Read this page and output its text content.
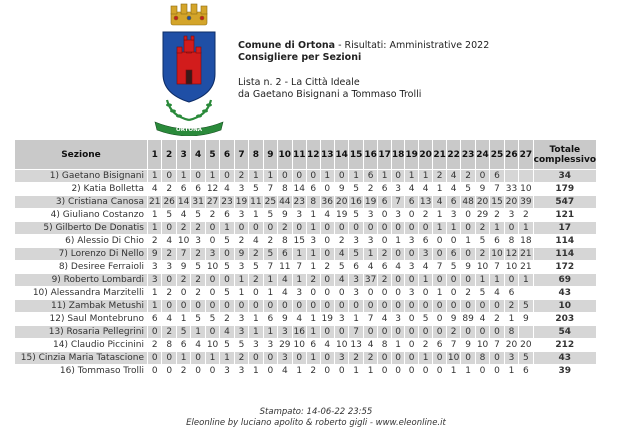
ORTONA
Comune di Ortona - Risultati: Amministrative 2022
Consigliere per Sezioni
Lista n. 2 - La Città Ideale
da Gaetano Bisignani a Tommaso Trolli
Sezione	1	2	3	4	5	6	7	8	9	10	11	12	13	14	15	16	17	18	19	20	21	22	23	24	25	26	27	Totale complessivo
1) Gaetano Bisignani	1	0	1	0	1	0	2	1	1	0	0	0	1	0	1	6	1	0	1	1	2	4	2	0	6			34
2) Katia Bolletta	4	2	6	6	12	4	3	5	7	8	14	6	0	9	5	2	6	3	4	4	1	4	5	9	7	33	10	179
3) Cristiana Canosa	21	26	14	31	27	23	19	11	25	44	23	8	36	20	16	19	6	7	6	13	4	6	48	20	15	20	39	547
4) Giuliano Costanzo	1	5	4	5	2	6	3	1	5	9	3	1	4	19	5	3	0	3	0	2	1	3	0	29	2	3	2	121
5) Gilberto De Donatis	1	0	2	2	0	1	0	0	0	2	0	1	0	0	0	0	0	0	0	0	1	1	0	2	1	0	1	17
6) Alessio Di Chio	2	4	10	3	0	5	2	4	2	8	15	3	0	2	3	3	0	1	3	6	0	0	1	5	6	8	18	114
7) Lorenzo Di Nello	9	2	7	2	3	0	9	2	5	6	1	1	0	4	5	1	2	0	0	3	0	6	0	2	10	12	21	114
8) Desiree Ferraioli	3	3	9	5	10	5	3	5	7	11	7	1	2	5	6	4	6	4	3	4	7	5	9	10	7	10	21	172
9) Roberto Lombardi	3	0	2	2	0	0	1	2	1	4	1	2	0	4	3	37	2	0	0	1	0	0	0	1	1	0	1	69
10) Alessandra Marzitelli	1	2	0	2	0	5	1	0	1	4	3	0	0	0	3	0	0	0	3	0	1	0	2	5	4	6		43
11) Zambak Metushi	1	0	0	0	0	0	0	0	0	0	0	0	0	0	0	0	0	0	0	0	0	0	0	0	0	2	5	10
12) Saul Montebruno	6	4	1	5	5	2	3	1	6	9	4	1	19	3	1	7	4	3	0	5	0	9	89	4	2	1	9	203
13) Rosaria Pellegrini	0	2	5	1	0	4	3	1	1	3	16	1	0	0	7	0	0	0	0	0	0	2	0	0	0	8		54
14) Claudio Piccinini	2	8	6	4	10	5	5	3	3	29	10	6	4	10	13	4	8	1	0	2	6	7	9	10	7	20	20	212
15) Cinzia Maria Tatascione	0	0	1	0	1	1	2	0	0	3	0	1	0	3	2	2	0	0	0	1	0	10	0	8	0	3	5	43
16) Tommaso Trolli	0	0	2	0	0	3	3	1	0	4	1	2	0	0	1	1	0	0	0	0	0	1	1	0	0	1	6	39
Stampato: 14-06-22 23:55
Eleonline by luciano apolito & roberto gigli - www.eleonline.it
